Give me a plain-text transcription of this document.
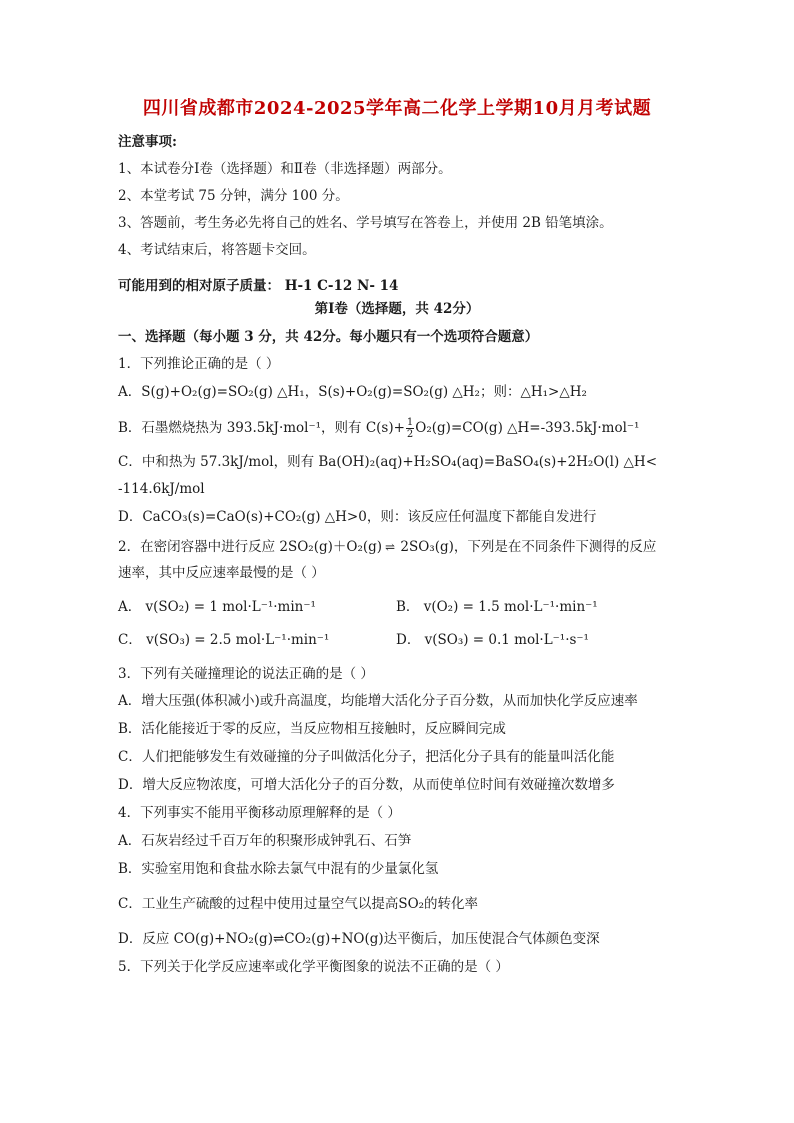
四川省成都市2024-2025学年高二化学上学期10月月考试题
注意事项:
1、本试卷分Ⅰ卷（选择题）和Ⅱ卷（非选择题）两部分。
2、本堂考试 75 分钟，满分 100 分。
3、答题前，考生务必先将自己的姓名、学号填写在答卷上，并使用 2B 铅笔填涂。
4、考试结束后，将答题卡交回。
可能用到的相对原子质量： H-1 C-12 N- 14
第Ⅰ卷（选择题，共 42分）
一、选择题（每小题 3 分，共 42分。每小题只有一个选项符合题意）
1．下列推论正确的是（ ）
A．S(g)+O₂(g)=SO₂(g) △H₁，S(s)+O₂(g)=SO₂(g) △H₂；则：△H₁>△H₂
B．石墨燃烧热为 393.5kJ·mol⁻¹，则有 $C(s)+ \frac{1}{2} O_2(g)=CO(g)$ △H=-393.5kJ·mol⁻¹
C．中和热为 57.3kJ/mol，则有 Ba(OH)₂(aq)+H₂SO₄(aq)=BaSO₄(s)+2H₂O(l) △H<
-114.6kJ/mol
D．CaCO₃(s)=CaO(s)+CO₂(g) △H>0，则：该反应任何温度下都能自发进行
2．在密闭容器中进行反应 2SO₂(g)＋O₂(g) ⇌ 2SO₃(g)，下列是在不同条件下测得的反应
速率，其中反应速率最慢的是（ ）
A． v(SO₂) = 1 mol·L⁻¹·min⁻¹	B． v(O₂) = 1.5 mol·L⁻¹·min⁻¹
C． v(SO₃) = 2.5 mol·L⁻¹·min⁻¹	D． v(SO₃) = 0.1 mol·L⁻¹·s⁻¹
3．下列有关碰撞理论的说法正确的是（ ）
A．增大压强(体积减小)或升高温度，均能增大活化分子百分数，从而加快化学反应速率
B．活化能接近于零的反应，当反应物相互接触时，反应瞬间完成
C．人们把能够发生有效碰撞的分子叫做活化分子，把活化分子具有的能量叫活化能
D．增大反应物浓度，可增大活化分子的百分数，从而使单位时间有效碰撞次数增多
4．下列事实不能用平衡移动原理解释的是（ ）
A．石灰岩经过千百万年的积聚形成钟乳石、石笋
B．实验室用饱和食盐水除去氯气中混有的少量氯化氢
C．工业生产硫酸的过程中使用过量空气以提高SO₂的转化率
D．反应 CO(g)+NO₂(g)⇌CO₂(g)+NO(g)达平衡后，加压使混合气体颜色变深
5．下列关于化学反应速率或化学平衡图象的说法不正确的是（ ）
